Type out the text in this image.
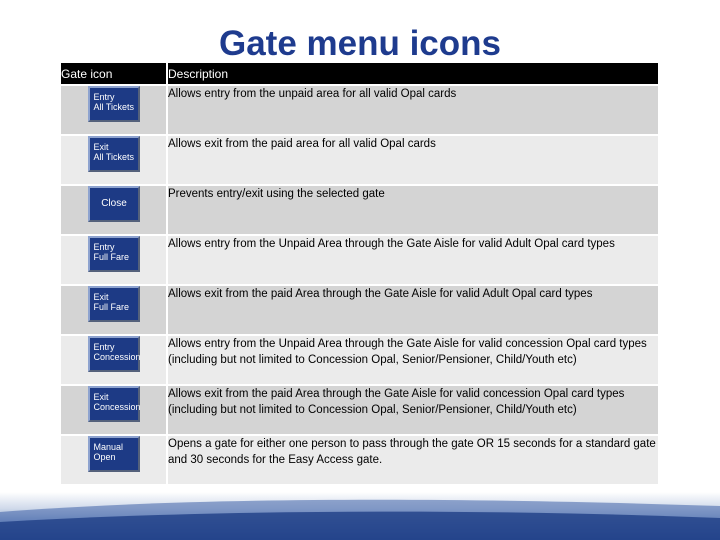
Gate menu icons
Gate icon	Description

Entry
All Tickets	Allows entry from the unpaid area for all valid Opal cards

Exit
All Tickets	Allows exit from the paid area for all valid Opal cards

Close	Prevents entry/exit using the selected gate

Entry
Full Fare	Allows entry from the Unpaid Area through the Gate Aisle for valid Adult Opal card types

Exit
Full Fare	Allows exit from the paid Area through the Gate Aisle for valid Adult Opal card types

Entry
Concession	Allows entry from the Unpaid Area through the Gate Aisle for valid concession Opal card types (including but not limited to Concession Opal, Senior/Pensioner, Child/Youth etc)

Exit
Concession	Allows exit from the paid Area through the Gate Aisle for valid concession Opal card types (including but not limited to Concession Opal, Senior/Pensioner, Child/Youth etc)

Manual
Open	Opens a gate for either one person to pass through the gate OR 15 seconds for a standard gate and 30 seconds for the Easy Access gate.
